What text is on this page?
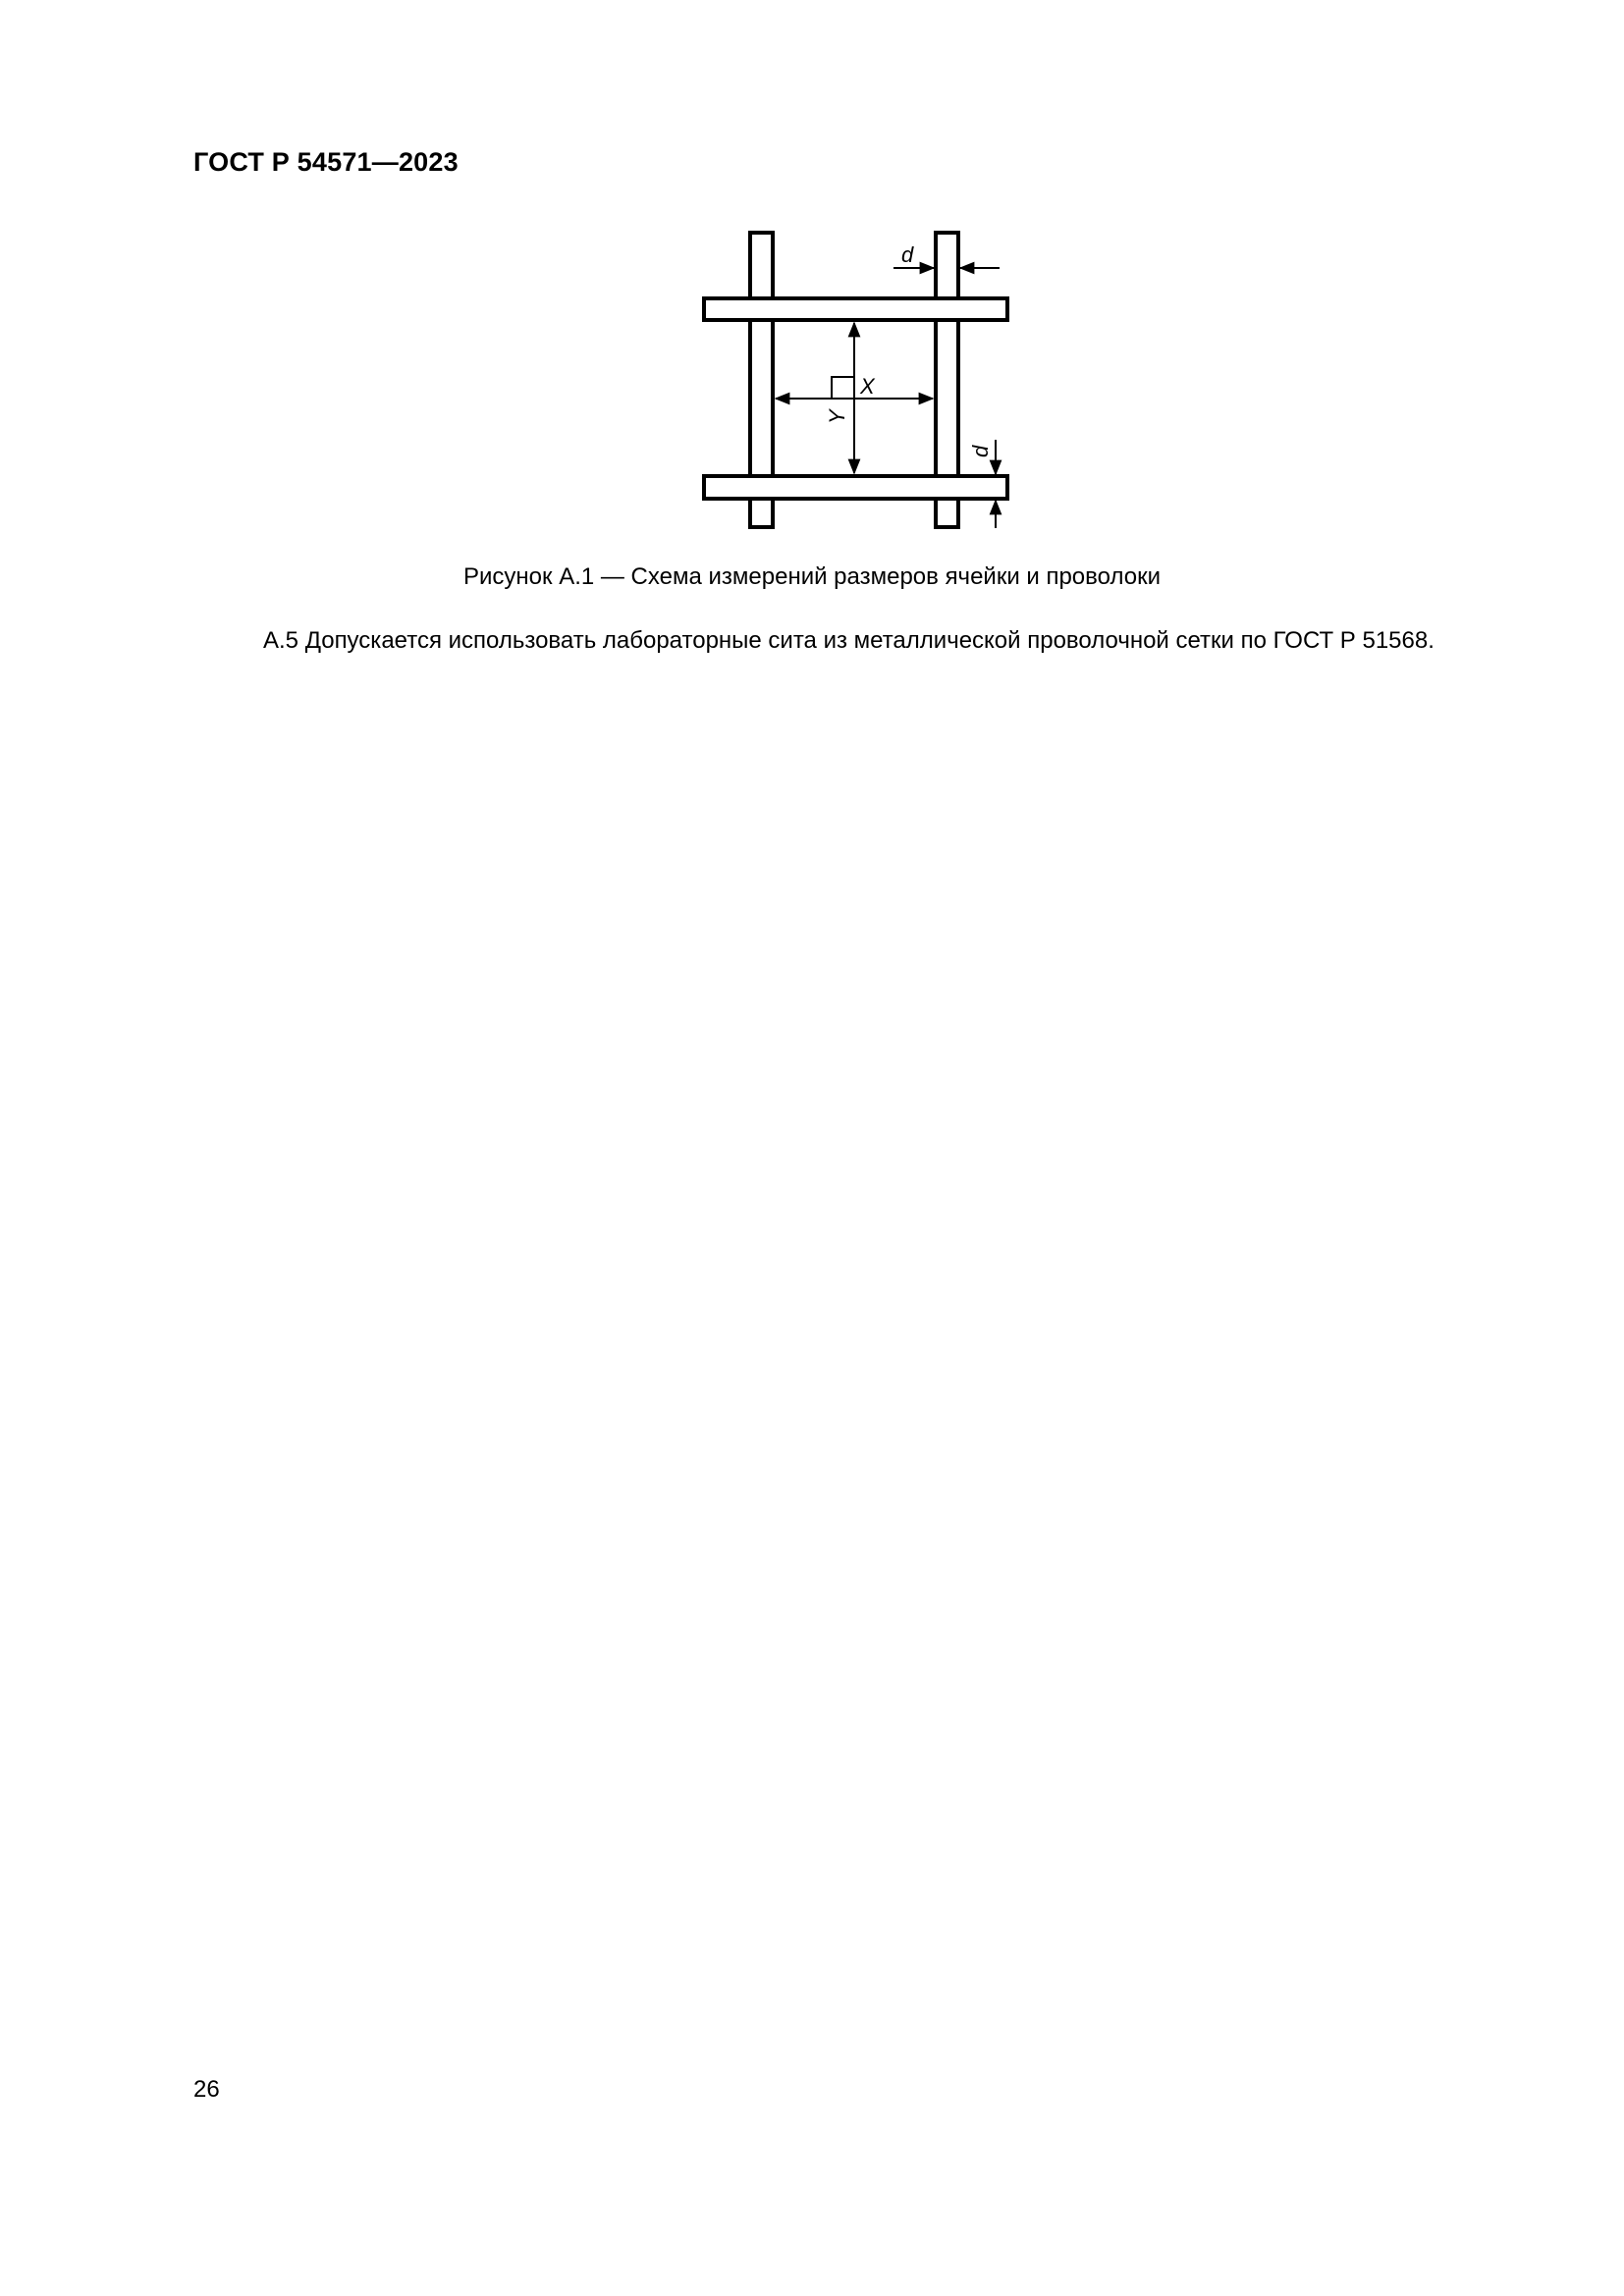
ГОСТ Р 54571—2023
X
Y
d
d
Рисунок А.1 — Схема измерений размеров ячейки и проволоки
А.5 Допускается использовать лабораторные сита из металлической проволочной сетки по ГОСТ Р 51568.
26
